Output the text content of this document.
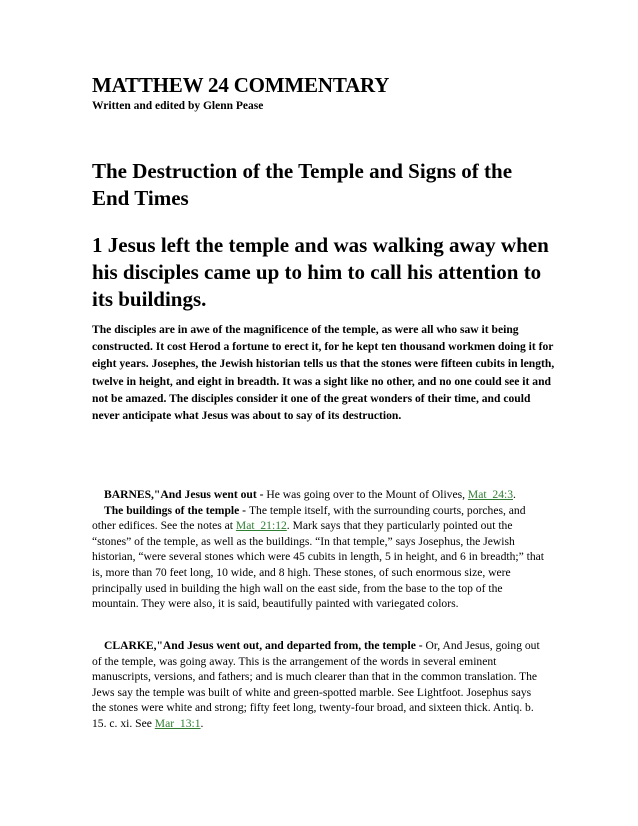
MATTHEW 24 COMMENTARY

Written and edited by Glenn Pease

The Destruction of the Temple and Signs of the End Times
1 Jesus left the temple and was walking away when his disciples came up to him to call his attention to its buildings.

The disciples are in awe of the magnificence of the temple, as were all who saw it being constructed. It cost Herod a fortune to erect it, for he kept ten thousand workmen doing it for eight years. Josephes, the Jewish historian tells us that the stones were fifteen cubits in length, twelve in height, and eight in breadth. It was a sight like no other, and no one could see it and not be amazed. The disciples consider it one of the great wonders of their time, and could never anticipate what Jesus was about to say of its destruction.

BARNES,"And Jesus went out - He was going over to the Mount of Olives, Mat_24:3.

The buildings of the temple - The temple itself, with the surrounding courts, porches, and other edifices. See the notes at Mat_21:12. Mark says that they particularly pointed out the “stones” of the temple, as well as the buildings. “In that temple,” says Josephus, the Jewish historian, “were several stones which were 45 cubits in length, 5 in height, and 6 in breadth;” that is, more than 70 feet long, 10 wide, and 8 high. These stones, of such enormous size, were principally used in building the high wall on the east side, from the base to the top of the mountain. They were also, it is said, beautifully painted with variegated colors.

CLARKE,"And Jesus went out, and departed from, the temple - Or, And Jesus, going out of the temple, was going away. This is the arrangement of the words in several eminent manuscripts, versions, and fathers; and is much clearer than that in the common translation. The Jews say the temple was built of white and green-spotted marble. See Lightfoot. Josephus says the stones were white and strong; fifty feet long, twenty-four broad, and sixteen thick. Antiq. b. 15. c. xi. See Mar_13:1.
